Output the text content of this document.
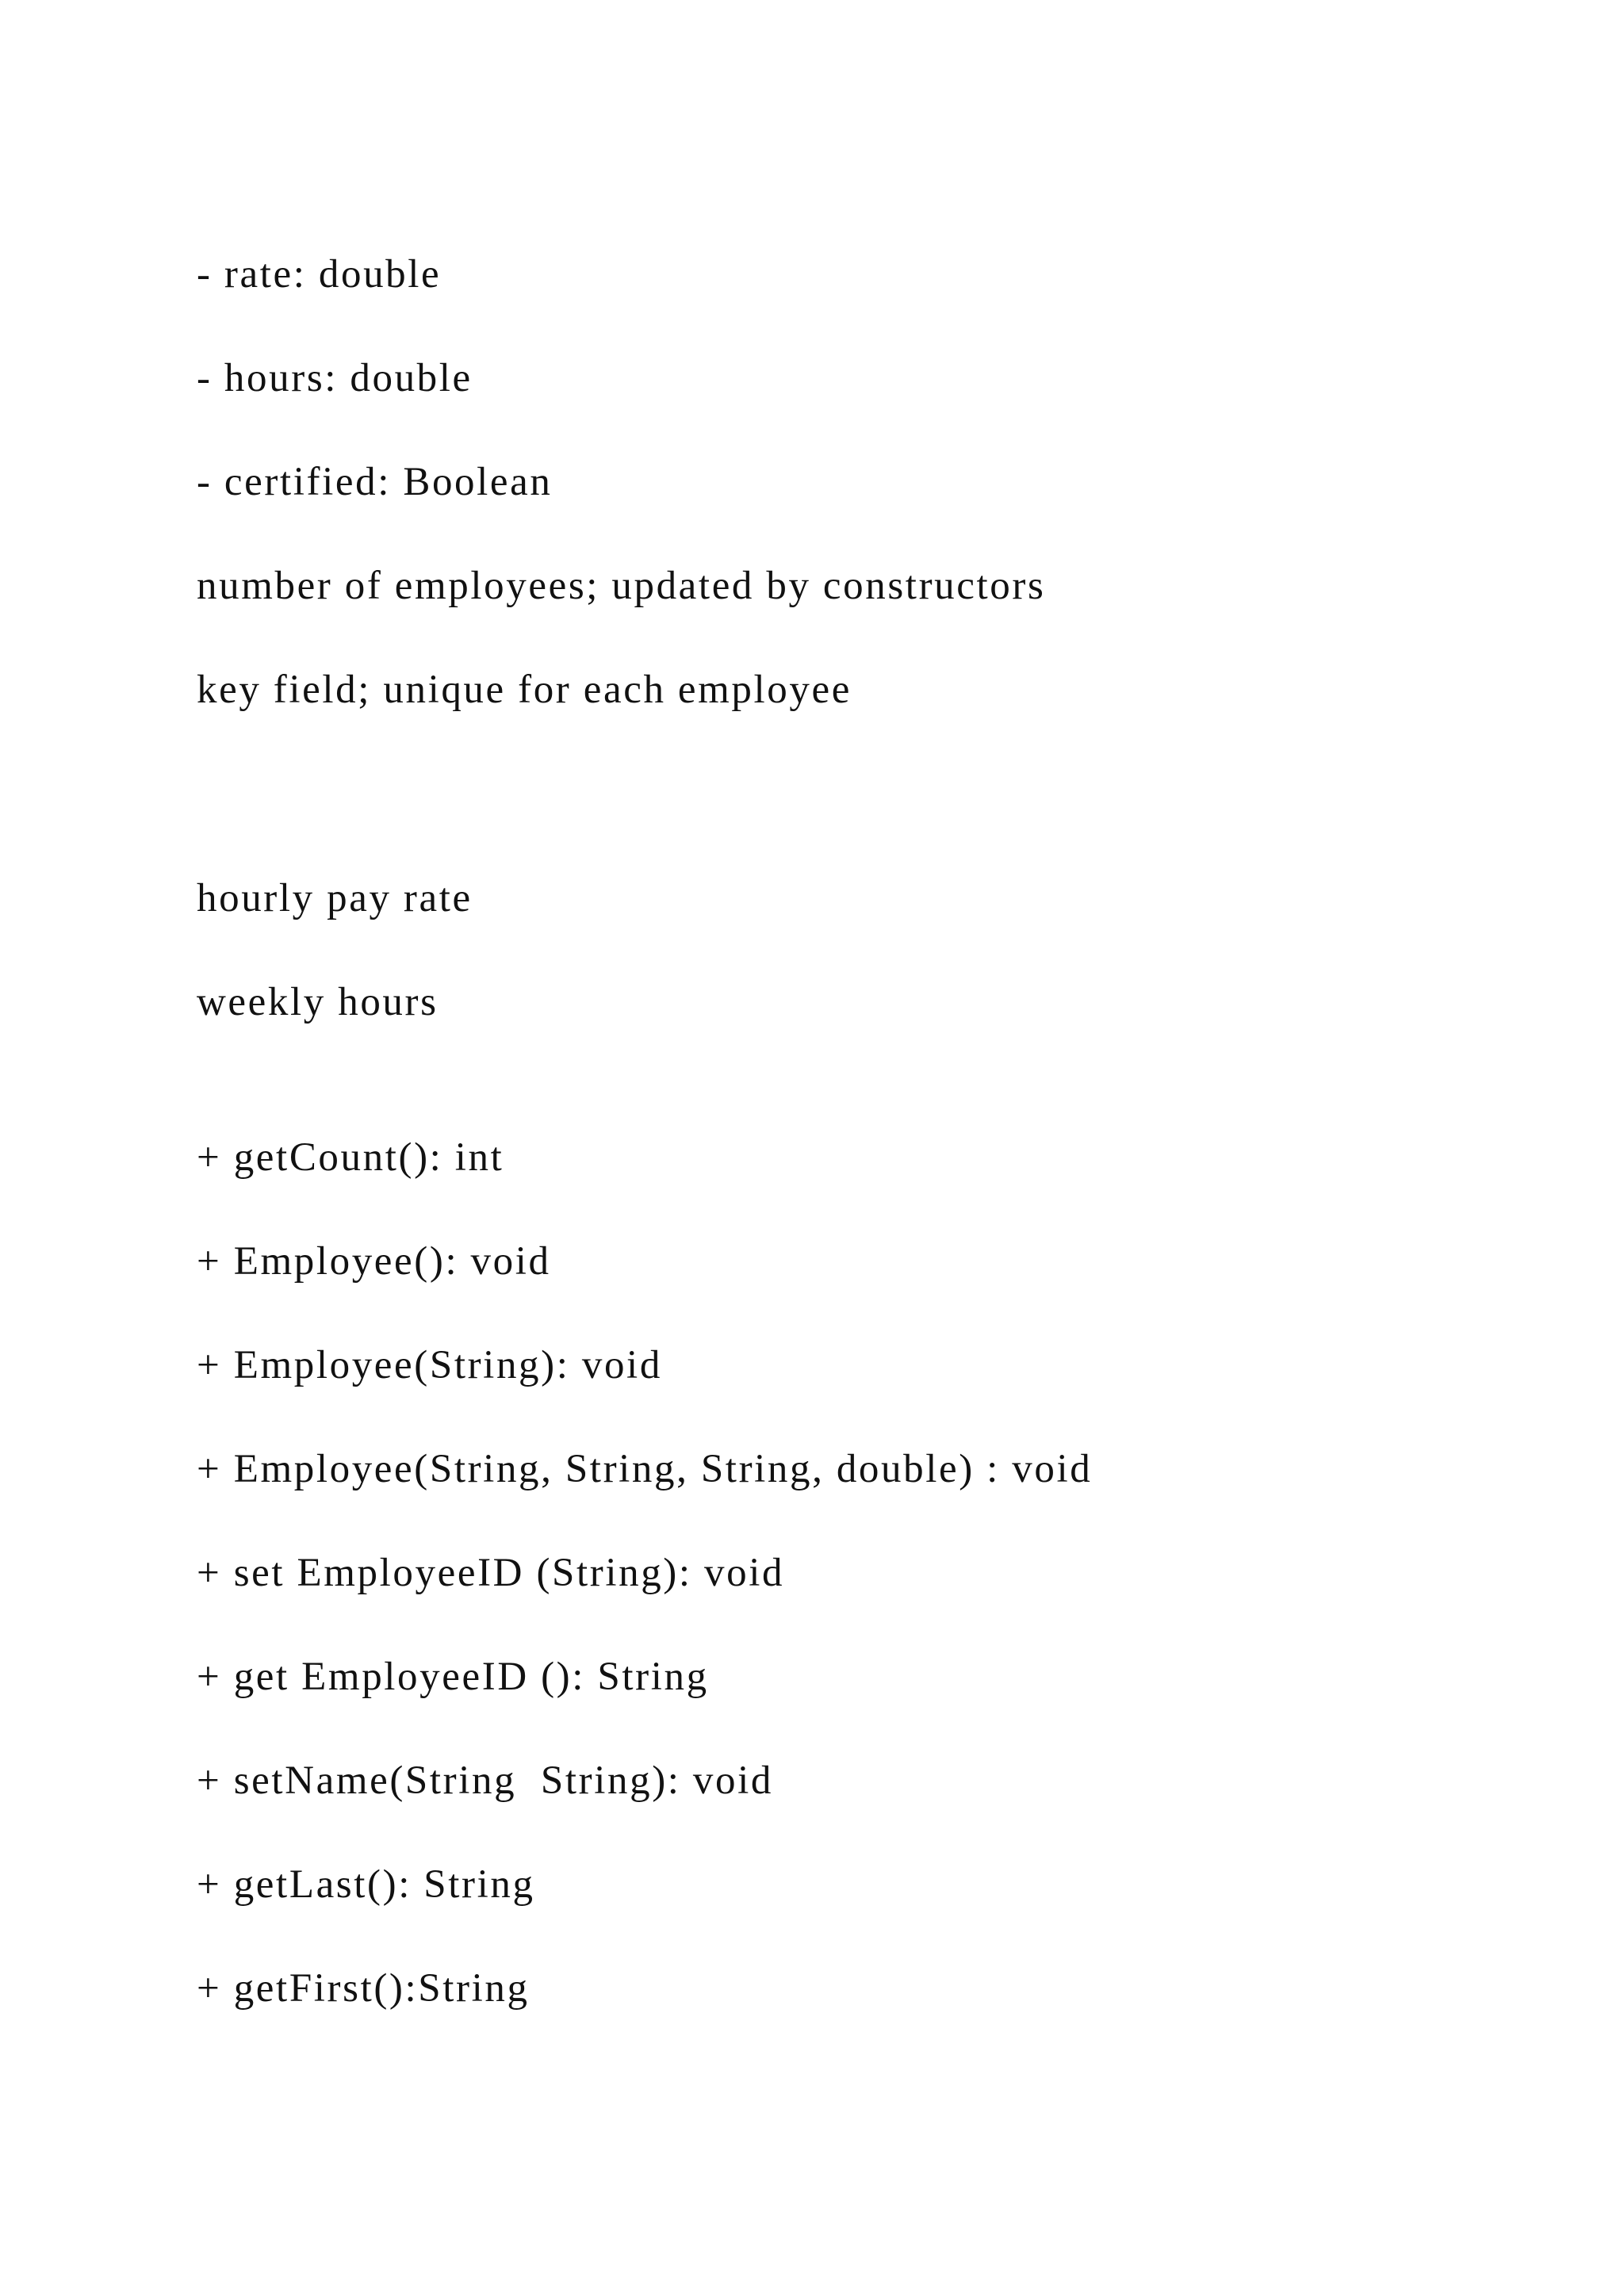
- rate: double

- hours: double

- certified: Boolean

number of employees; updated by constructors

key field; unique for each employee

hourly pay rate

weekly hours

+ getCount(): int

+ Employee(): void

+ Employee(String): void

+ Employee(String, String, String, double) : void

+ set EmployeeID (String): void

+ get EmployeeID (): String

+ setName(String  String): void

+ getLast(): String

+ getFirst():String
